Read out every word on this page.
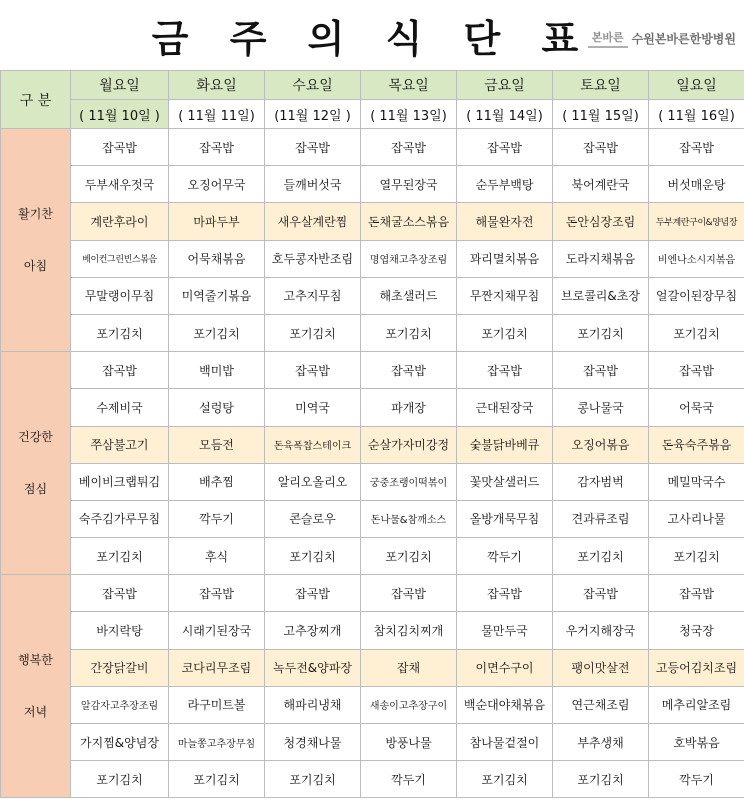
금 주 의 식 단 표 본바른 수원본바른한방병원
구 분	월요일	화요일	수요일	목요일	금요일	토요일	일요일
	( 11월 10일 )	( 11월 11일)	(11월 12일 )	( 11월 13일)	( 11월 14일)	( 11월 15일)	( 11월 16일)

활기찬
아침	잡곡밥	잡곡밥	잡곡밥	잡곡밥	잡곡밥	잡곡밥	잡곡밥
	두부새우젓국	오징어무국	들깨버섯국	열무된장국	순두부백탕	북어계란국	버섯매운탕
	계란후라이	마파두부	새우살계란찜	돈채굴소스볶음	해물완자전	돈안심장조림	두부계란구이&양념장
	베이컨그린빈스볶음	어묵채볶음	호두콩자반조림	명엽채고추장조림	꽈리멸치볶음	도라지채볶음	비엔나소시지볶음
	무말랭이무침	미역줄기볶음	고추지무침	해초샐러드	무짠지채무침	브로콜리&초장	얼갈이된장무침
	포기김치	포기김치	포기김치	포기김치	포기김치	포기김치	포기김치

건강한
점심	잡곡밥	백미밥	잡곡밥	잡곡밥	잡곡밥	잡곡밥	잡곡밥
	수제비국	설렁탕	미역국	파개장	근대된장국	콩나물국	어묵국
	쭈삼불고기	모듬전	돈육폭찹스테이크	순살가자미강정	숯불닭바베큐	오징어볶음	돈육숙주볶음
	베이비크랩튀김	배추찜	알리오올리오	궁중조랭이떡볶이	꽃맛살샐러드	감자범벅	메밀막국수
	숙주김가루무침	깍두기	콘슬로우	돈나물&참깨소스	올방개묵무침	견과류조림	고사리나물
	포기김치	후식	포기김치	포기김치	깍두기	포기김치	포기김치

행복한
저녁	잡곡밥	잡곡밥	잡곡밥	잡곡밥	잡곡밥	잡곡밥	잡곡밥
	바지락탕	시래기된장국	고추장찌개	참치김치찌개	물만두국	우거지해장국	청국장
	간장닭갈비	코다리무조림	녹두전&양파장	잡채	이면수구이	팽이맛살전	고등어김치조림
	알감자고추장조림	라구미트볼	해파리냉채	새송이고추장구이	백순대야채볶음	연근채조림	메추리알조림
	가지찜&양념장	마늘쫑고추장무침	청경채나물	방풍나물	참나물겉절이	부추생채	호박볶음
	포기김치	포기김치	포기김치	깍두기	포기김치	포기김치	깍두기
